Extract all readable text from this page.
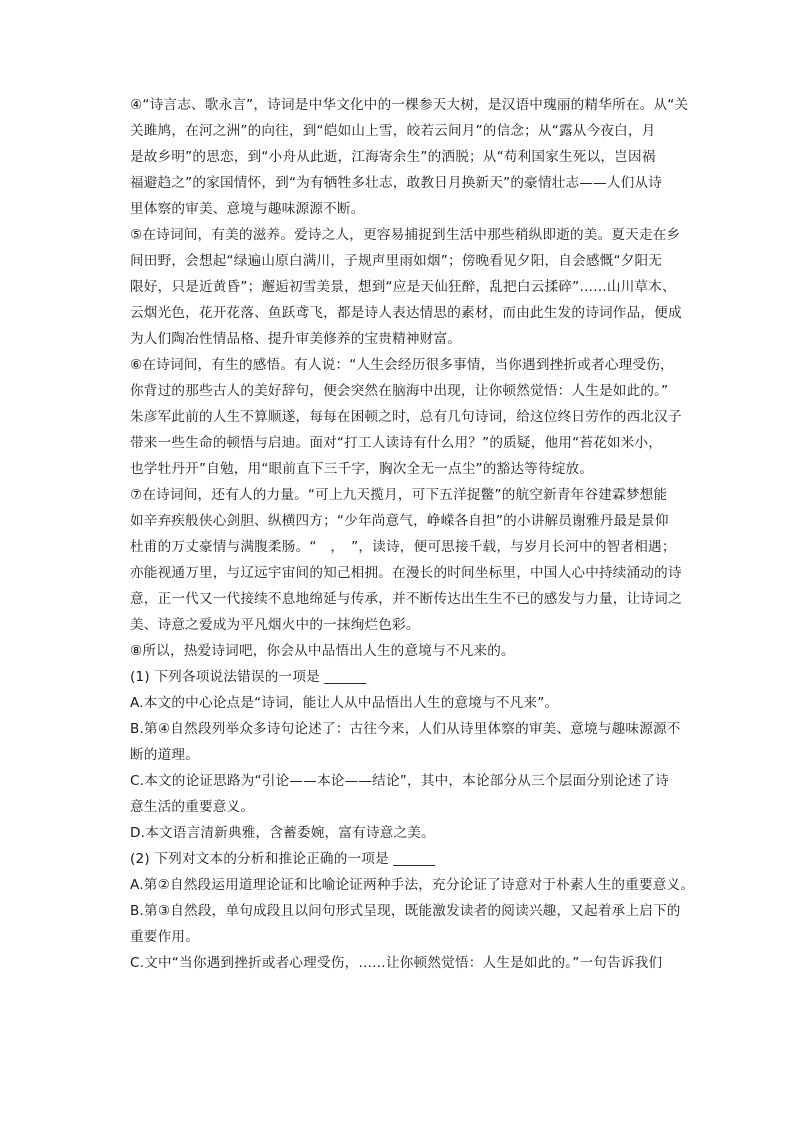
④“诗言志、歌永言”，诗词是中华文化中的一棵参天大树，是汉语中瑰丽的精华所在。从“关
关雎鸠，在河之洲”的向往，到“皑如山上雪，皎若云间月”的信念；从“露从今夜白，月
是故乡明”的思恋，到“小舟从此逝，江海寄余生”的洒脱；从“苟利国家生死以，岂因祸
福避趋之”的家国情怀，到“为有牺牲多壮志，敢教日月换新天”的豪情壮志——人们从诗
里体察的审美、意境与趣味源源不断。
⑤在诗词间，有美的滋养。爱诗之人，更容易捕捉到生活中那些稍纵即逝的美。夏天走在乡
间田野，会想起“绿遍山原白满川，子规声里雨如烟”；傍晚看见夕阳，自会感慨“夕阳无
限好，只是近黄昏”；邂逅初雪美景，想到“应是天仙狂醉，乱把白云揉碎”……山川草木、
云烟光色，花开花落、鱼跃鸢飞，都是诗人表达情思的素材，而由此生发的诗词作品，便成
为人们陶冶性情品格、提升审美修养的宝贵精神财富。
⑥在诗词间，有生的感悟。有人说：“人生会经历很多事情，当你遇到挫折或者心理受伤，
你背过的那些古人的美好辞句，便会突然在脑海中出现，让你顿然觉悟：人生是如此的。”
朱彦军此前的人生不算顺遂，每每在困顿之时，总有几句诗词，给这位终日劳作的西北汉子
带来一些生命的顿悟与启迪。面对“打工人读诗有什么用？”的质疑，他用“苔花如米小，
也学牡丹开”自勉，用“眼前直下三千字，胸次全无一点尘”的豁达等待绽放。
⑦在诗词间，还有人的力量。“可上九天揽月，可下五洋捉鳖”的航空新青年谷建霖梦想能
如辛弃疾般侠心剑胆、纵横四方；“少年尚意气，峥嵘各自担”的小讲解员谢雅丹最是景仰
杜甫的万丈豪情与满腹柔肠。“　，　”，读诗，便可思接千载，与岁月长河中的智者相遇；
亦能视通万里，与辽远宇宙间的知己相拥。在漫长的时间坐标里，中国人心中持续涌动的诗
意，正一代又一代接续不息地绵延与传承，并不断传达出生生不已的感发与力量，让诗词之
美、诗意之爱成为平凡烟火中的一抹绚烂色彩。
⑧所以，热爱诗词吧，你会从中品悟出人生的意境与不凡来的。
(1) 下列各项说法错误的一项是 ______
A.本文的中心论点是“诗词，能让人从中品悟出人生的意境与不凡来”。
B.第④自然段列举众多诗句论述了：古往今来，人们从诗里体察的审美、意境与趣味源源不
断的道理。
C.本文的论证思路为“引论——本论——结论”，其中，本论部分从三个层面分别论述了诗
意生活的重要意义。
D.本文语言清新典雅，含蓄委婉，富有诗意之美。
(2) 下列对文本的分析和推论正确的一项是 ______
A.第②自然段运用道理论证和比喻论证两种手法，充分论证了诗意对于朴素人生的重要意义。
B.第③自然段，单句成段且以问句形式呈现，既能激发读者的阅读兴趣，又起着承上启下的
重要作用。
C.文中“当你遇到挫折或者心理受伤，……让你顿然觉悟：人生是如此的。”一句告诉我们
